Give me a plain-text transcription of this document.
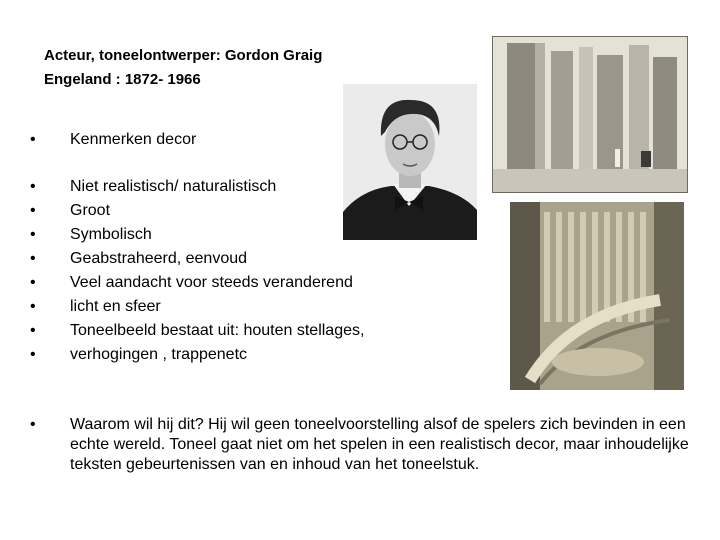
Acteur, toneelontwerper: Gordon Graig
Engeland : 1872- 1966
• Kenmerken decor
• Niet realistisch/ naturalistisch
• Groot
• Symbolisch
• Geabstraheerd, eenvoud
• Veel aandacht voor steeds veranderend
• licht en sfeer
• Toneelbeeld bestaat uit: houten stellages,
• verhogingen , trappenetc
• Waarom wil hij dit? Hij wil geen toneelvoorstelling alsof de spelers zich bevinden in een echte wereld. Toneel gaat niet om het spelen in een realistisch decor, maar inhoudelijke teksten gebeurtenissen van en inhoud van het toneelstuk.
